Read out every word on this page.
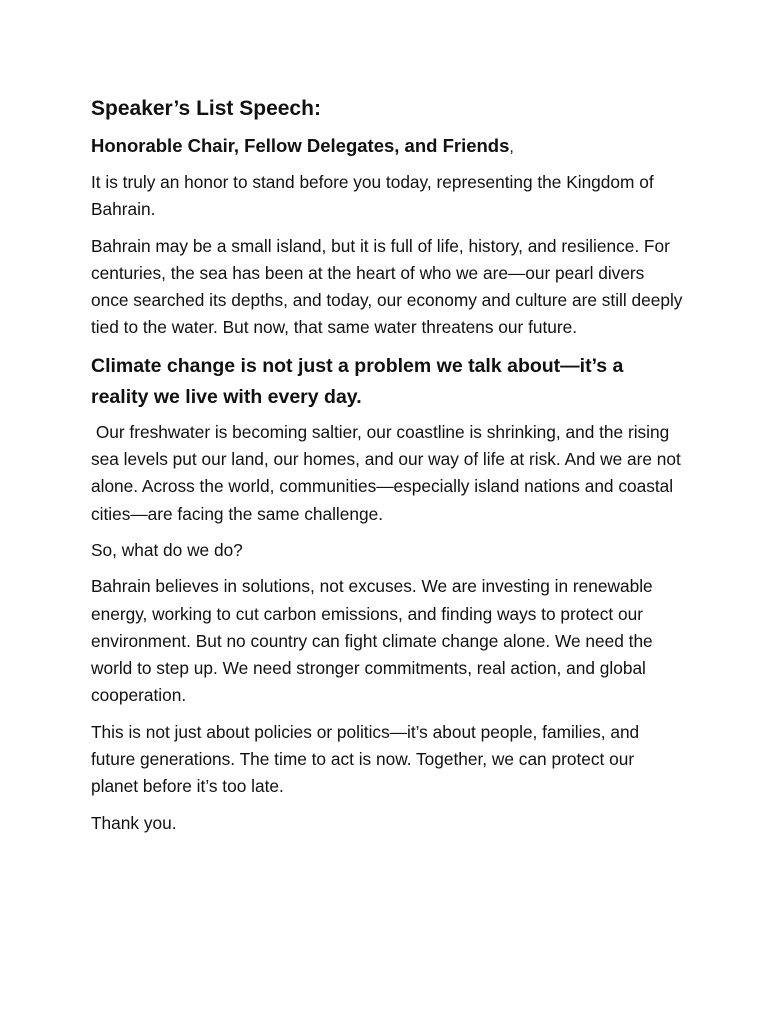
Speaker’s List Speech:
Honorable Chair, Fellow Delegates, and Friends,

It is truly an honor to stand before you today, representing the Kingdom of Bahrain.

Bahrain may be a small island, but it is full of life, history, and resilience. For centuries, the sea has been at the heart of who we are—our pearl divers once searched its depths, and today, our economy and culture are still deeply tied to the water. But now, that same water threatens our future.

Climate change is not just a problem we talk about—it’s a reality we live with every day.

Our freshwater is becoming saltier, our coastline is shrinking, and the rising sea levels put our land, our homes, and our way of life at risk. And we are not alone. Across the world, communities—especially island nations and coastal cities—are facing the same challenge.

So, what do we do?

Bahrain believes in solutions, not excuses. We are investing in renewable energy, working to cut carbon emissions, and finding ways to protect our environment. But no country can fight climate change alone. We need the world to step up. We need stronger commitments, real action, and global cooperation.

This is not just about policies or politics—it’s about people, families, and future generations. The time to act is now. Together, we can protect our planet before it’s too late.

Thank you.
